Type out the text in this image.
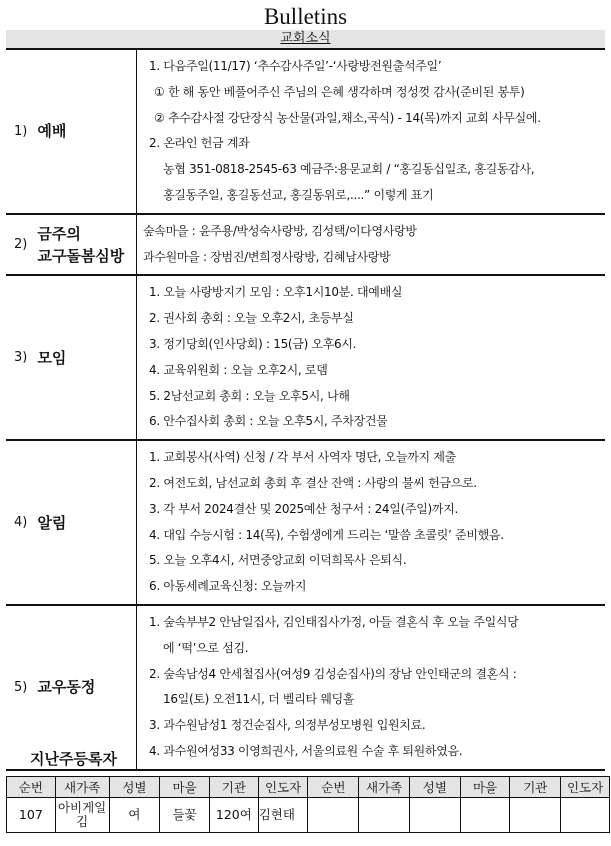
Bulletins
교회소식
1) 예배
1. 다음주일(11/17) ‘추수감사주일’-‘사랑방전원출석주일’
① 한 해 동안 베풀어주신 주님의 은혜 생각하며 정성껏 감사(준비된 봉투)
② 추수감사절 강단장식 농산물(과일,채소,곡식) - 14(목)까지 교회 사무실에.
2. 온라인 헌금 계좌
농협 351-0818-2545-63 예금주:용문교회 / “홍길동십일조, 홍길동감사,
홍길동주일, 홍길동선교, 홍길동위로,....” 이렇게 표기
2)
금주의
교구돌봄심방
숲속마을 : 윤주용/박성숙사랑방, 김성택/이다영사랑방
과수원마을 : 장범진/변희정사랑방, 김혜남사랑방
3) 모임
1. 오늘 사랑방지기 모임 : 오후1시10분. 대예배실
2. 권사회 총회 : 오늘 오후2시, 초등부실
3. 정기당회(인사당회) : 15(금) 오후6시.
4. 교육위원회 : 오늘 오후2시, 로뎀
5. 2남선교회 총회 : 오늘 오후5시, 나해
6. 안수집사회 총회 : 오늘 오후5시, 주차장건물
4) 알림
1. 교회봉사(사역) 신청 / 각 부서 사역자 명단, 오늘까지 제출
2. 여전도회, 남선교회 총회 후 결산 잔액 : 사랑의 불씨 헌금으로.
3. 각 부서 2024결산 및 2025예산 청구서 : 24일(주일)까지.
4. 대입 수능시험 : 14(목), 수험생에게 드리는 ‘말씀 초콜릿’ 준비했음.
5. 오늘 오후4시, 서면중앙교회 이덕희목사 은퇴식.
6. 아동세례교육신청: 오늘까지
5) 교우동정
1. 숲속부부2 안남일집사, 김인태집사가정, 아들 결혼식 후 오늘 주일식당
에 ‘떡’으로 섬김.
2. 숲속남성4 안세철집사(여성9 김성순집사)의 장남 안인태군의 결혼식 :
16일(토) 오전11시, 더 벨리타 웨딩홀
3. 과수원남성1 정건순집사, 의정부성모병원 입원치료.
4. 과수원여성33 이영희권사, 서울의료원 수술 후 퇴원하였음.
지난주등록자
순번	새가족	성별	마을	기관	인도자	순번	새가족	성별	마을	기관	인도자
107	아비게일 김	여	들꽃	120여	김현태						
